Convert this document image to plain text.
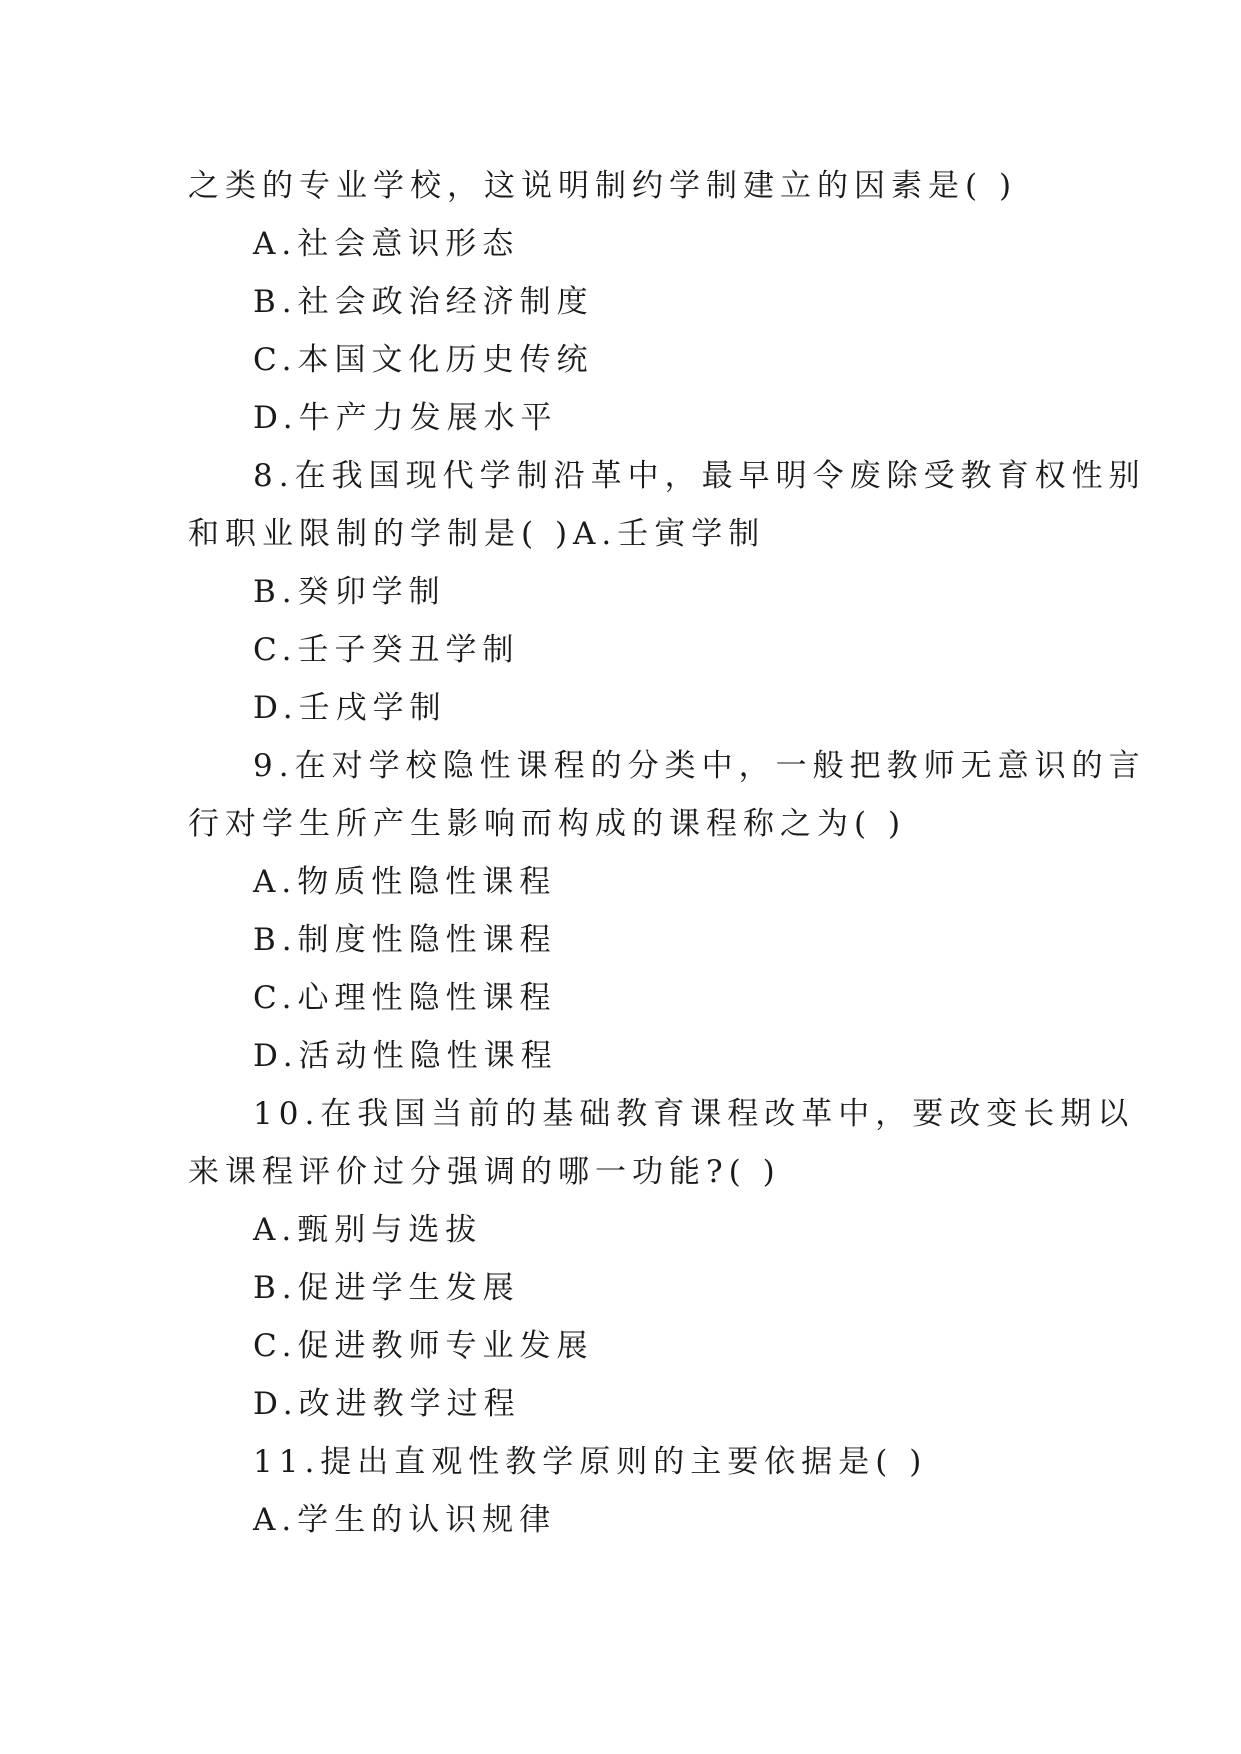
之类的专业学校，这说明制约学制建立的因素是( )
A.社会意识形态
B.社会政治经济制度
C.本国文化历史传统
D.牛产力发展水平
8.在我国现代学制沿革中，最早明令废除受教育权性别
和职业限制的学制是( )A.壬寅学制
B.癸卯学制
C.壬子癸丑学制
D.壬戌学制
9.在对学校隐性课程的分类中，一般把教师无意识的言
行对学生所产生影响而构成的课程称之为( )
A.物质性隐性课程
B.制度性隐性课程
C.心理性隐性课程
D.活动性隐性课程
10.在我国当前的基础教育课程改革中，要改变长期以
来课程评价过分强调的哪一功能?( )
A.甄别与选拔
B.促进学生发展
C.促进教师专业发展
D.改进教学过程
11.提出直观性教学原则的主要依据是( )
A.学生的认识规律
